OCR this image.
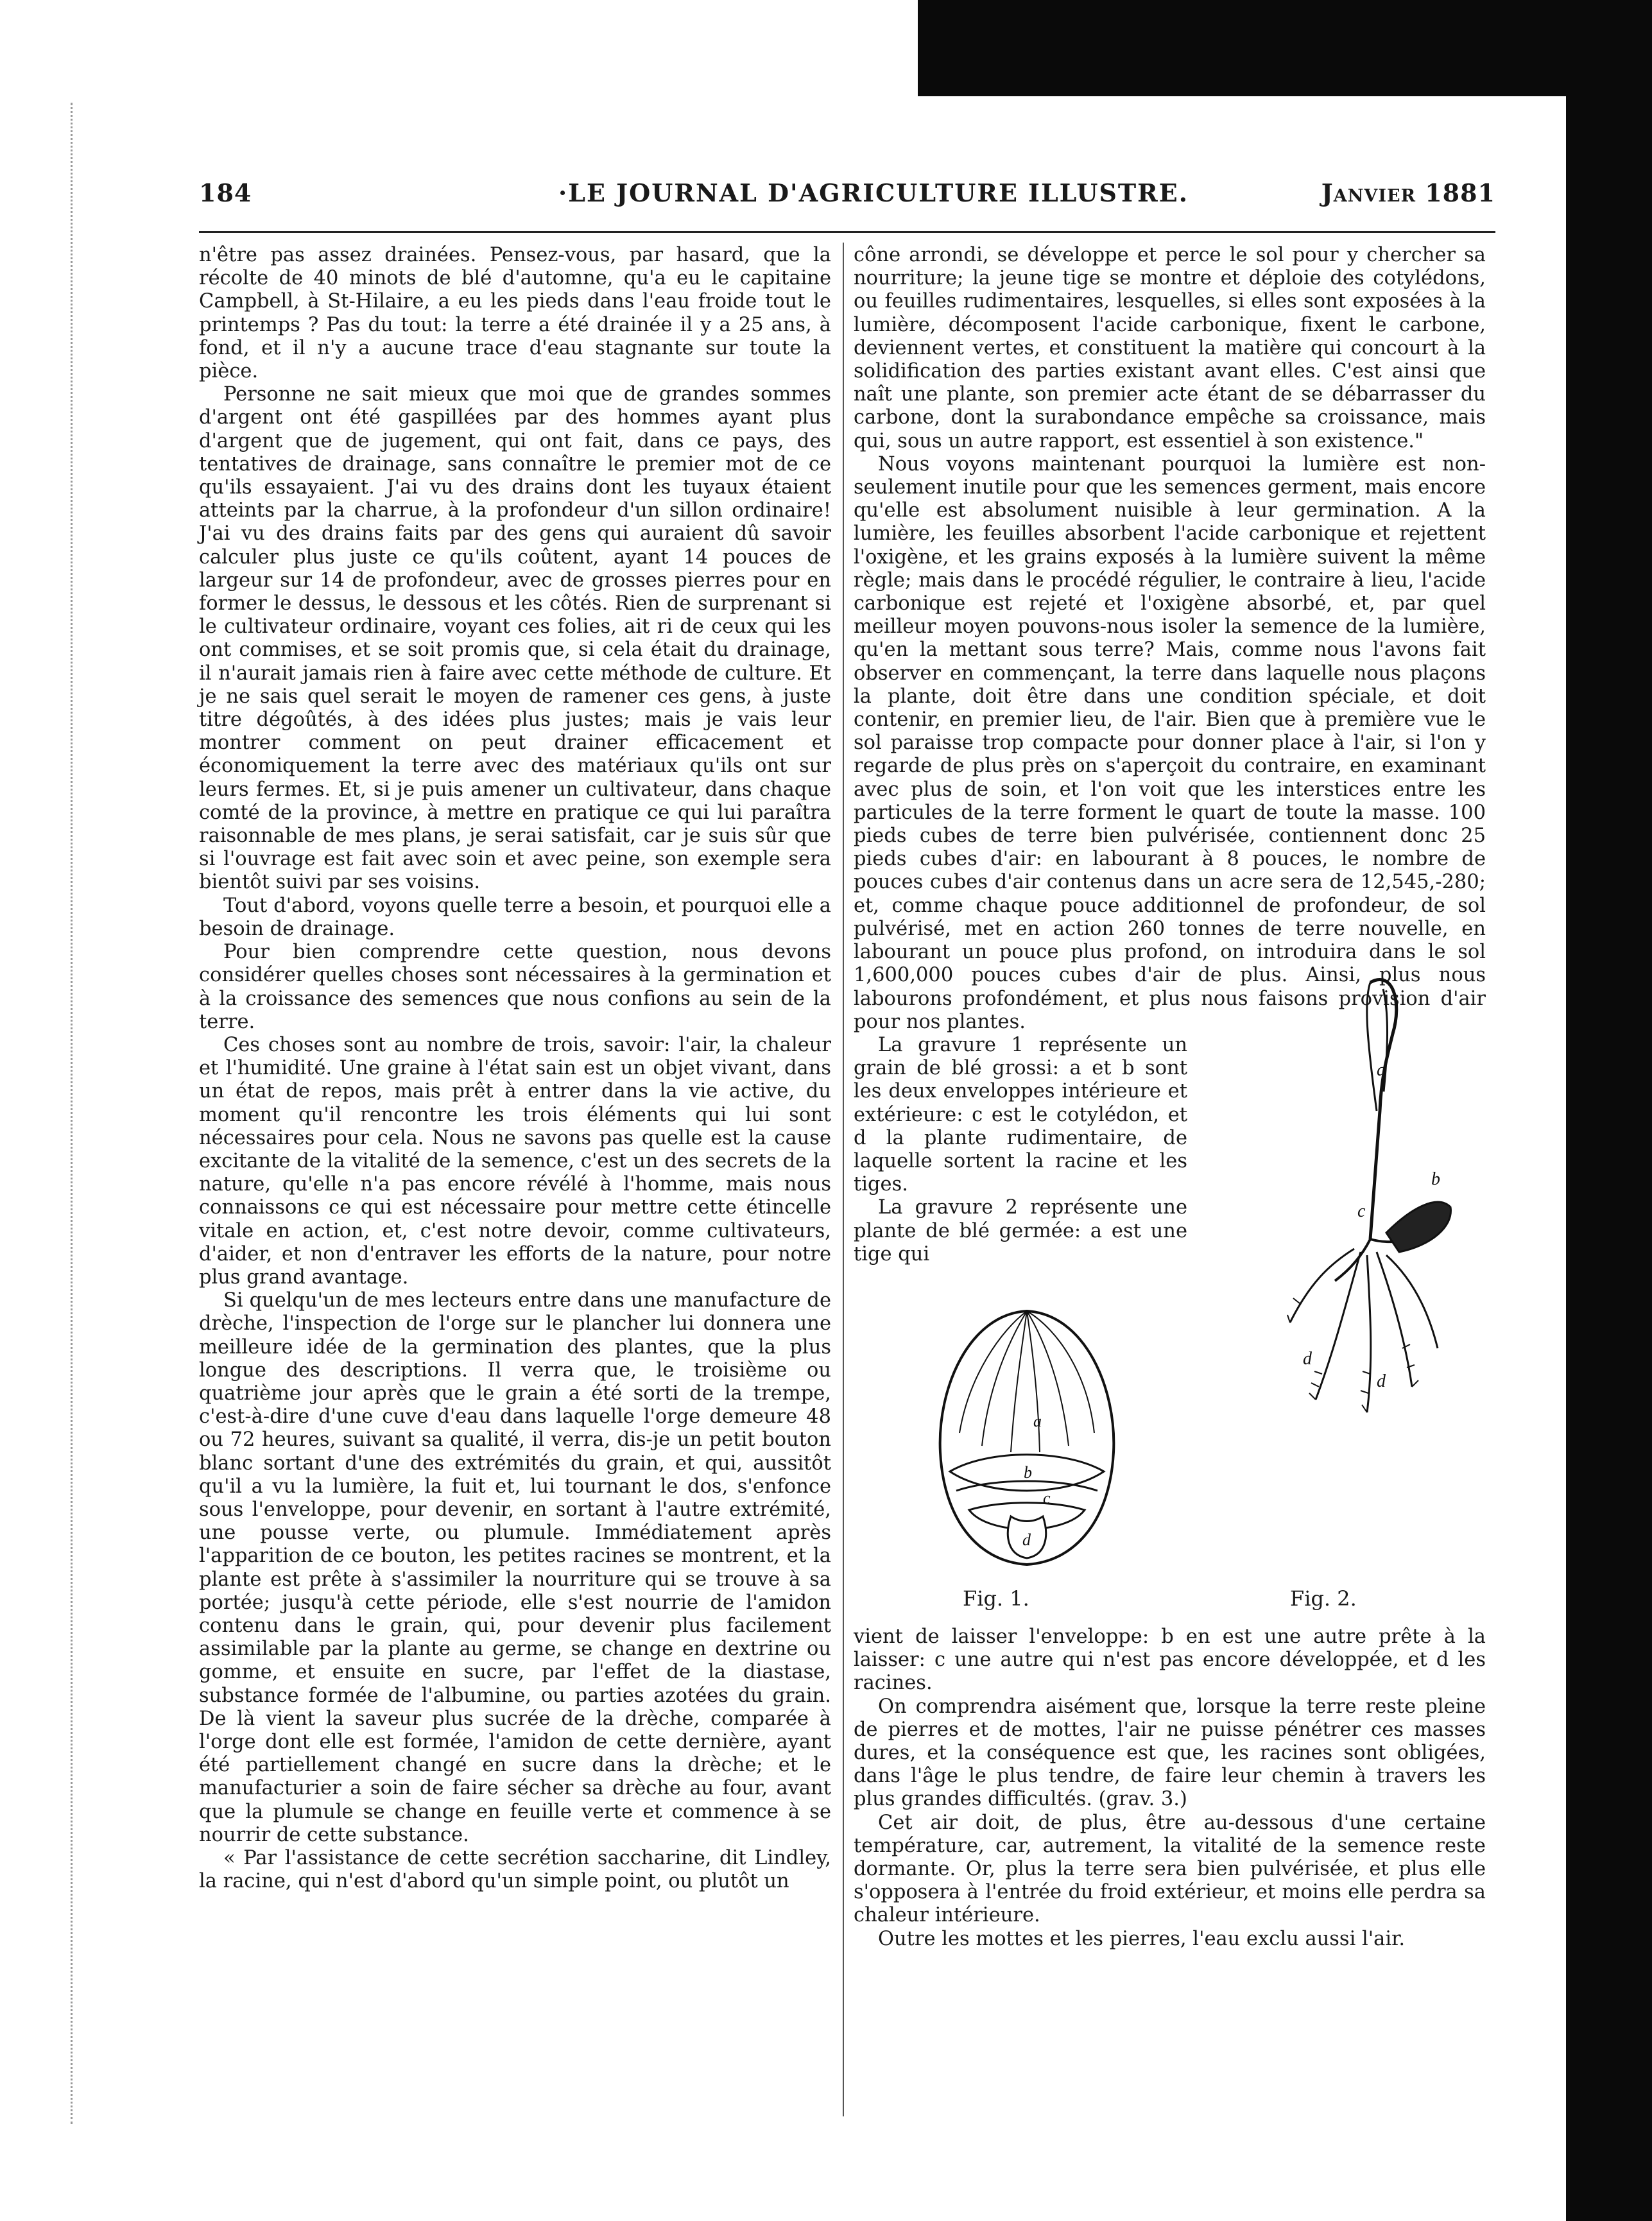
184	·LE JOURNAL D'AGRICULTURE ILLUSTRE.	Janvier 1881

n'être pas assez drainées. Pensez-vous, par hasard, que la récolte de 40 minots de blé d'automne, qu'a eu le capitaine Campbell, à St-Hilaire, a eu les pieds dans l'eau froide tout le printemps ? Pas du tout: la terre a été drainée il y a 25 ans, à fond, et il n'y a aucune trace d'eau stagnante sur toute la pièce.

Personne ne sait mieux que moi que de grandes sommes d'argent ont été gaspillées par des hommes ayant plus d'argent que de jugement, qui ont fait, dans ce pays, des tentatives de drainage, sans connaître le premier mot de ce qu'ils essayaient. J'ai vu des drains dont les tuyaux étaient atteints par la charrue, à la profondeur d'un sillon ordinaire! J'ai vu des drains faits par des gens qui auraient dû savoir calculer plus juste ce qu'ils coûtent, ayant 14 pouces de largeur sur 14 de profondeur, avec de grosses pierres pour en former le dessus, le dessous et les côtés. Rien de surprenant si le cultivateur ordinaire, voyant ces folies, ait ri de ceux qui les ont commises, et se soit promis que, si cela était du drainage, il n'aurait jamais rien à faire avec cette méthode de culture. Et je ne sais quel serait le moyen de ramener ces gens, à juste titre dégoûtés, à des idées plus justes; mais je vais leur montrer comment on peut drainer efficacement et économiquement la terre avec des matériaux qu'ils ont sur leurs fermes. Et, si je puis amener un cultivateur, dans chaque comté de la province, à mettre en pratique ce qui lui paraîtra raisonnable de mes plans, je serai satisfait, car je suis sûr que si l'ouvrage est fait avec soin et avec peine, son exemple sera bientôt suivi par ses voisins.

Tout d'abord, voyons quelle terre a besoin, et pourquoi elle a besoin de drainage.

Pour bien comprendre cette question, nous devons considérer quelles choses sont nécessaires à la germination et à la croissance des semences que nous confions au sein de la terre.

Ces choses sont au nombre de trois, savoir: l'air, la chaleur et l'humidité. Une graine à l'état sain est un objet vivant, dans un état de repos, mais prêt à entrer dans la vie active, du moment qu'il rencontre les trois éléments qui lui sont nécessaires pour cela. Nous ne savons pas quelle est la cause excitante de la vitalité de la semence, c'est un des secrets de la nature, qu'elle n'a pas encore révélé à l'homme, mais nous connaissons ce qui est nécessaire pour mettre cette étincelle vitale en action, et, c'est notre devoir, comme cultivateurs, d'aider, et non d'entraver les efforts de la nature, pour notre plus grand avantage.

Si quelqu'un de mes lecteurs entre dans une manufacture de drèche, l'inspection de l'orge sur le plancher lui donnera une meilleure idée de la germination des plantes, que la plus longue des descriptions. Il verra que, le troisième ou quatrième jour après que le grain a été sorti de la trempe, c'est-à-dire d'une cuve d'eau dans laquelle l'orge demeure 48 ou 72 heures, suivant sa qualité, il verra, dis-je un petit bouton blanc sortant d'une des extrémités du grain, et qui, aussitôt qu'il a vu la lumière, la fuit et, lui tournant le dos, s'enfonce sous l'enveloppe, pour devenir, en sortant à l'autre extrémité, une pousse verte, ou plumule. Immédiatement après l'apparition de ce bouton, les petites racines se montrent, et la plante est prête à s'assimiler la nourriture qui se trouve à sa portée; jusqu'à cette période, elle s'est nourrie de l'amidon contenu dans le grain, qui, pour devenir plus facilement assimilable par la plante au germe, se change en dextrine ou gomme, et ensuite en sucre, par l'effet de la diastase, substance formée de l'albumine, ou parties azotées du grain. De là vient la saveur plus sucrée de la drèche, comparée à l'orge dont elle est formée, l'amidon de cette dernière, ayant été partiellement changé en sucre dans la drèche; et le manufacturier a soin de faire sécher sa drèche au four, avant que la plumule se change en feuille verte et commence à se nourrir de cette substance.

« Par l'assistance de cette secrétion saccharine, dit Lindley, la racine, qui n'est d'abord qu'un simple point, ou plutôt un

cône arrondi, se développe et perce le sol pour y chercher sa nourriture; la jeune tige se montre et déploie des cotylédons, ou feuilles rudimentaires, lesquelles, si elles sont exposées à la lumière, décomposent l'acide carbonique, fixent le carbone, deviennent vertes, et constituent la matière qui concourt à la solidification des parties existant avant elles. C'est ainsi que naît une plante, son premier acte étant de se débarrasser du carbone, dont la surabondance empêche sa croissance, mais qui, sous un autre rapport, est essentiel à son existence."

Nous voyons maintenant pourquoi la lumière est non-seulement inutile pour que les semences germent, mais encore qu'elle est absolument nuisible à leur germination. A la lumière, les feuilles absorbent l'acide carbonique et rejettent l'oxigène, et les grains exposés à la lumière suivent la même règle; mais dans le procédé régulier, le contraire à lieu, l'acide carbonique est rejeté et l'oxigène absorbé, et, par quel meilleur moyen pouvons-nous isoler la semence de la lumière, qu'en la mettant sous terre? Mais, comme nous l'avons fait observer en commençant, la terre dans laquelle nous plaçons la plante, doit être dans une condition spéciale, et doit contenir, en premier lieu, de l'air. Bien que à première vue le sol paraisse trop compacte pour donner place à l'air, si l'on y regarde de plus près on s'aperçoit du contraire, en examinant avec plus de soin, et l'on voit que les interstices entre les particules de la terre forment le quart de toute la masse. 100 pieds cubes de terre bien pulvérisée, contiennent donc 25 pieds cubes d'air: en labourant à 8 pouces, le nombre de pouces cubes d'air contenus dans un acre sera de 12,545,-280; et, comme chaque pouce additionnel de profondeur, de sol pulvérisé, met en action 260 tonnes de terre nouvelle, en labourant un pouce plus profond, on introduira dans le sol 1,600,000 pouces cubes d'air de plus. Ainsi, plus nous labourons profondément, et plus nous faisons provision d'air pour nos plantes.

La gravure 1 représente un grain de blé grossi: a et b sont les deux enveloppes intérieure et extérieure: c est le cotylédon, et d la plante rudimentaire, de laquelle sortent la racine et les tiges.

La gravure 2 représente une plante de blé germée: a est une tige qui

a
b
c
d
d
a
b
c
d
Fig. 1.	Fig. 2.

vient de laisser l'enveloppe: b en est une autre prête à la laisser: c une autre qui n'est pas encore développée, et d les racines.

On comprendra aisément que, lorsque la terre reste pleine de pierres et de mottes, l'air ne puisse pénétrer ces masses dures, et la conséquence est que, les racines sont obligées, dans l'âge le plus tendre, de faire leur chemin à travers les plus grandes difficultés. (grav. 3.)

Cet air doit, de plus, être au-dessous d'une certaine température, car, autrement, la vitalité de la semence reste dormante. Or, plus la terre sera bien pulvérisée, et plus elle s'opposera à l'entrée du froid extérieur, et moins elle perdra sa chaleur intérieure.

Outre les mottes et les pierres, l'eau exclu aussi l'air.
